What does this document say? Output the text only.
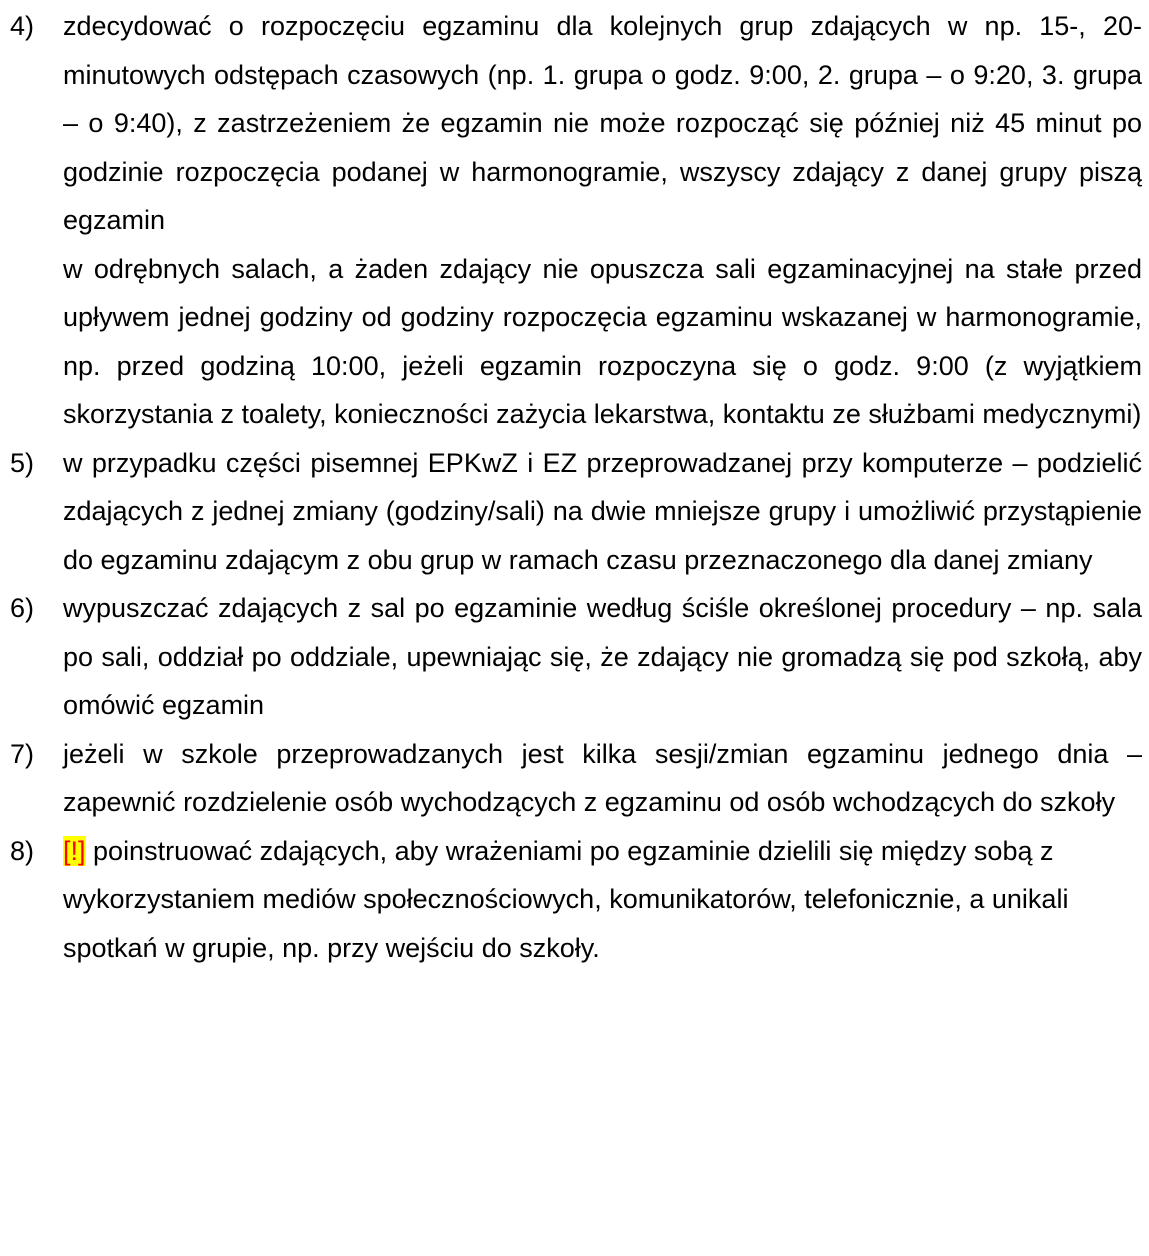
4) zdecydować o rozpoczęciu egzaminu dla kolejnych grup zdających w np. 15-, 20-minutowych odstępach czasowych (np. 1. grupa o godz. 9:00, 2. grupa – o 9:20, 3. grupa – o 9:40), z zastrzeżeniem że egzamin nie może rozpocząć się później niż 45 minut po godzinie rozpoczęcia podanej w harmonogramie, wszyscy zdający z danej grupy piszą egzamin
w odrębnych salach, a żaden zdający nie opuszcza sali egzaminacyjnej na stałe przed upływem jednej godziny od godziny rozpoczęcia egzaminu wskazanej w harmonogramie, np. przed godziną 10:00, jeżeli egzamin rozpoczyna się o godz. 9:00 (z wyjątkiem skorzystania z toalety, konieczności zażycia lekarstwa, kontaktu ze służbami medycznymi)
5) w przypadku części pisemnej EPKwZ i EZ przeprowadzanej przy komputerze – podzielić zdających z jednej zmiany (godziny/sali) na dwie mniejsze grupy i umożliwić przystąpienie do egzaminu zdającym z obu grup w ramach czasu przeznaczonego dla danej zmiany
6) wypuszczać zdających z sal po egzaminie według ściśle określonej procedury – np. sala po sali, oddział po oddziale, upewniając się, że zdający nie gromadzą się pod szkołą, aby omówić egzamin
7) jeżeli w szkole przeprowadzanych jest kilka sesji/zmian egzaminu jednego dnia – zapewnić rozdzielenie osób wychodzących z egzaminu od osób wchodzących do szkoły
8) [!] poinstruować zdających, aby wrażeniami po egzaminie dzielili się między sobą z wykorzystaniem mediów społecznościowych, komunikatorów, telefonicznie, a unikali spotkań w grupie, np. przy wejściu do szkoły.
